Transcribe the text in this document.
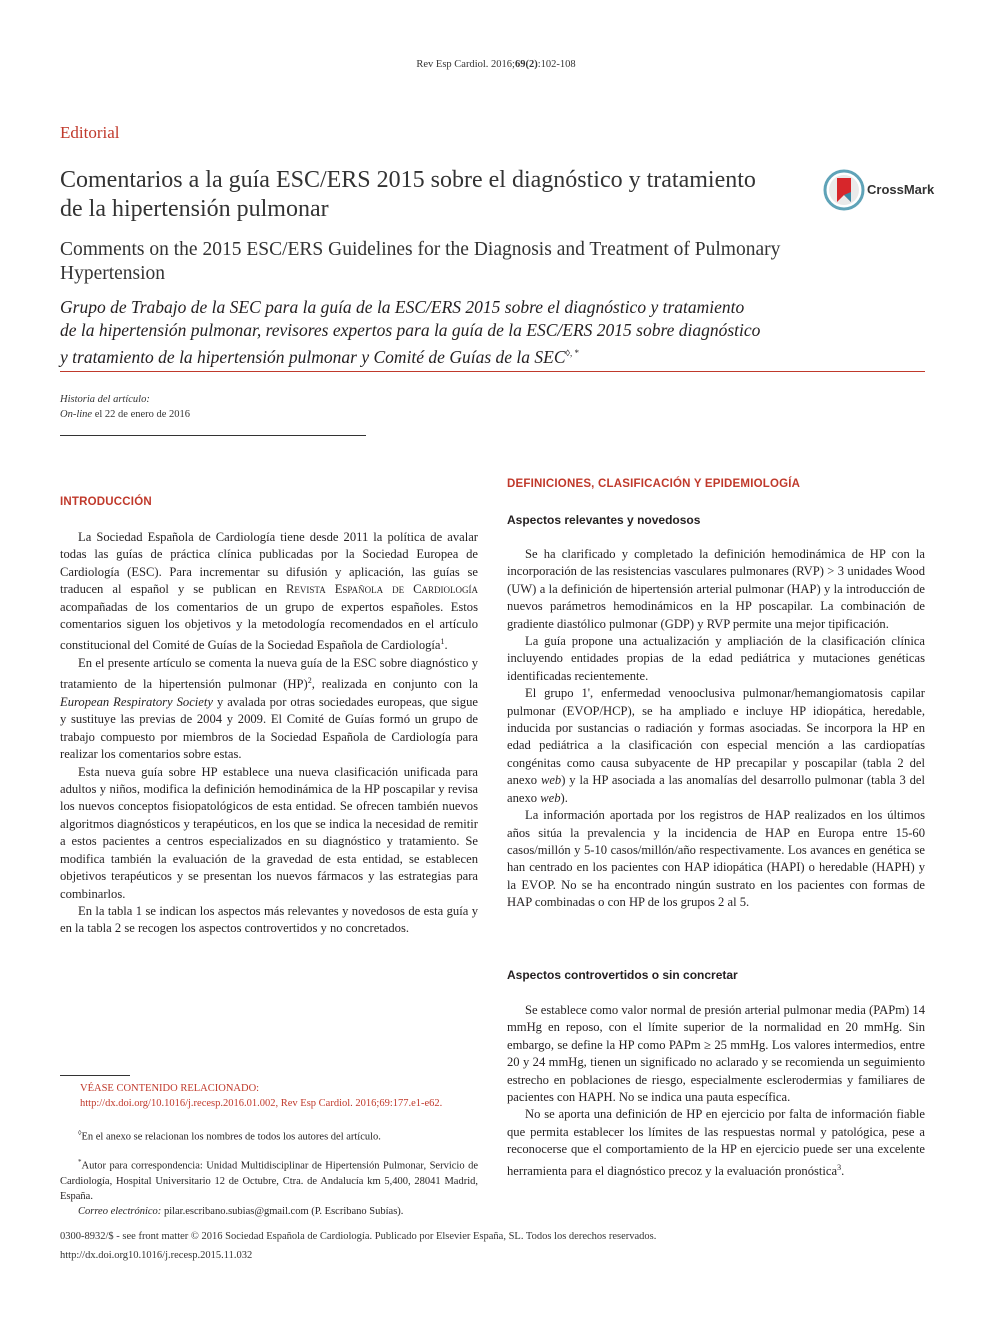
Rev Esp Cardiol. 2016;69(2):102-108
Editorial
Comentarios a la guía ESC/ERS 2015 sobre el diagnóstico y tratamiento
de la hipertensión pulmonar
CrossMark
Comments on the 2015 ESC/ERS Guidelines for the Diagnosis and Treatment of Pulmonary
Hypertension
Grupo de Trabajo de la SEC para la guía de la ESC/ERS 2015 sobre el diagnóstico y tratamiento
de la hipertensión pulmonar, revisores expertos para la guía de la ESC/ERS 2015 sobre diagnóstico
y tratamiento de la hipertensión pulmonar y Comité de Guías de la SEC◊, *
Historia del artículo:
On-line el 22 de enero de 2016
INTRODUCCIÓN

La Sociedad Española de Cardiología tiene desde 2011 la política de avalar todas las guías de práctica clínica publicadas por la Sociedad Europea de Cardiología (ESC). Para incrementar su difusión y aplicación, las guías se traducen al español y se publican en Revista Española de Cardiología acompañadas de los comentarios de un grupo de expertos españoles. Estos comentarios siguen los objetivos y la metodología recomendados en el artículo constitucional del Comité de Guías de la Sociedad Española de Cardiología$^1$.

En el presente artículo se comenta la nueva guía de la ESC sobre diagnóstico y tratamiento de la hipertensión pulmonar (HP)$^2$, realizada en conjunto con la European Respiratory Society y avalada por otras sociedades europeas, que sigue y sustituye las previas de 2004 y 2009. El Comité de Guías formó un grupo de trabajo compuesto por miembros de la Sociedad Española de Cardiología para realizar los comentarios sobre estas.

Esta nueva guía sobre HP establece una nueva clasificación unificada para adultos y niños, modifica la definición hemodinámica de la HP poscapilar y revisa los nuevos conceptos fisiopatológicos de esta entidad. Se ofrecen también nuevos algoritmos diagnósticos y terapéuticos, en los que se indica la necesidad de remitir a estos pacientes a centros especializados en su diagnóstico y tratamiento. Se modifica también la evaluación de la gravedad de esta entidad, se establecen objetivos terapéuticos y se presentan los nuevos fármacos y las estrategias para combinarlos.

En la tabla 1 se indican los aspectos más relevantes y novedosos de esta guía y en la tabla 2 se recogen los aspectos controvertidos y no concretados.

VÉASE CONTENIDO RELACIONADO:
http://dx.doi.org/10.1016/j.recesp.2016.01.002, Rev Esp Cardiol. 2016;69:177.e1-e62.
◊En el anexo se relacionan los nombres de todos los autores del artículo.
*Autor para correspondencia: Unidad Multidisciplinar de Hipertensión Pulmonar, Servicio de Cardiología, Hospital Universitario 12 de Octubre, Ctra. de Andalucía km 5,400, 28041 Madrid, España.
Correo electrónico: pilar.escribano.subias@gmail.com (P. Escribano Subías).
DEFINICIONES, CLASIFICACIÓN Y EPIDEMIOLOGÍA
Aspectos relevantes y novedosos

Se ha clarificado y completado la definición hemodinámica de HP con la incorporación de las resistencias vasculares pulmonares (RVP) > 3 unidades Wood (UW) a la definición de hipertensión arterial pulmonar (HAP) y la introducción de nuevos parámetros hemodinámicos en la HP poscapilar. La combinación de gradiente diastólico pulmonar (GDP) y RVP permite una mejor tipificación.

La guía propone una actualización y ampliación de la clasificación clínica incluyendo entidades propias de la edad pediátrica y mutaciones genéticas identificadas recientemente.

El grupo 1', enfermedad venooclusiva pulmonar/hemangiomatosis capilar pulmonar (EVOP/HCP), se ha ampliado e incluye HP idiopática, heredable, inducida por sustancias o radiación y formas asociadas. Se incorpora la HP en edad pediátrica a la clasificación con especial mención a las cardiopatías congénitas como causa subyacente de HP precapilar y poscapilar (tabla 2 del anexo web) y la HP asociada a las anomalías del desarrollo pulmonar (tabla 3 del anexo web).

La información aportada por los registros de HAP realizados en los últimos años sitúa la prevalencia y la incidencia de HAP en Europa entre 15-60 casos/millón y 5-10 casos/millón/año respectivamente. Los avances en genética se han centrado en los pacientes con HAP idiopática (HAPI) o heredable (HAPH) y la EVOP. No se ha encontrado ningún sustrato en los pacientes con formas de HAP combinadas o con HP de los grupos 2 al 5.

Aspectos controvertidos o sin concretar

Se establece como valor normal de presión arterial pulmonar media (PAPm) 14 mmHg en reposo, con el límite superior de la normalidad en 20 mmHg. Sin embargo, se define la HP como PAPm ≥ 25 mmHg. Los valores intermedios, entre 20 y 24 mmHg, tienen un significado no aclarado y se recomienda un seguimiento estrecho en poblaciones de riesgo, especialmente esclerodermias y familiares de pacientes con HAPH. No se indica una pauta específica.

No se aporta una definición de HP en ejercicio por falta de información fiable que permita establecer los límites de las respuestas normal y patológica, pese a reconocerse que el comportamiento de la HP en ejercicio puede ser una excelente herramienta para el diagnóstico precoz y la evaluación pronóstica$^3$.

0300-8932/$ - see front matter © 2016 Sociedad Española de Cardiología. Publicado por Elsevier España, SL. Todos los derechos reservados.
http://dx.doi.org10.1016/j.recesp.2015.11.032
